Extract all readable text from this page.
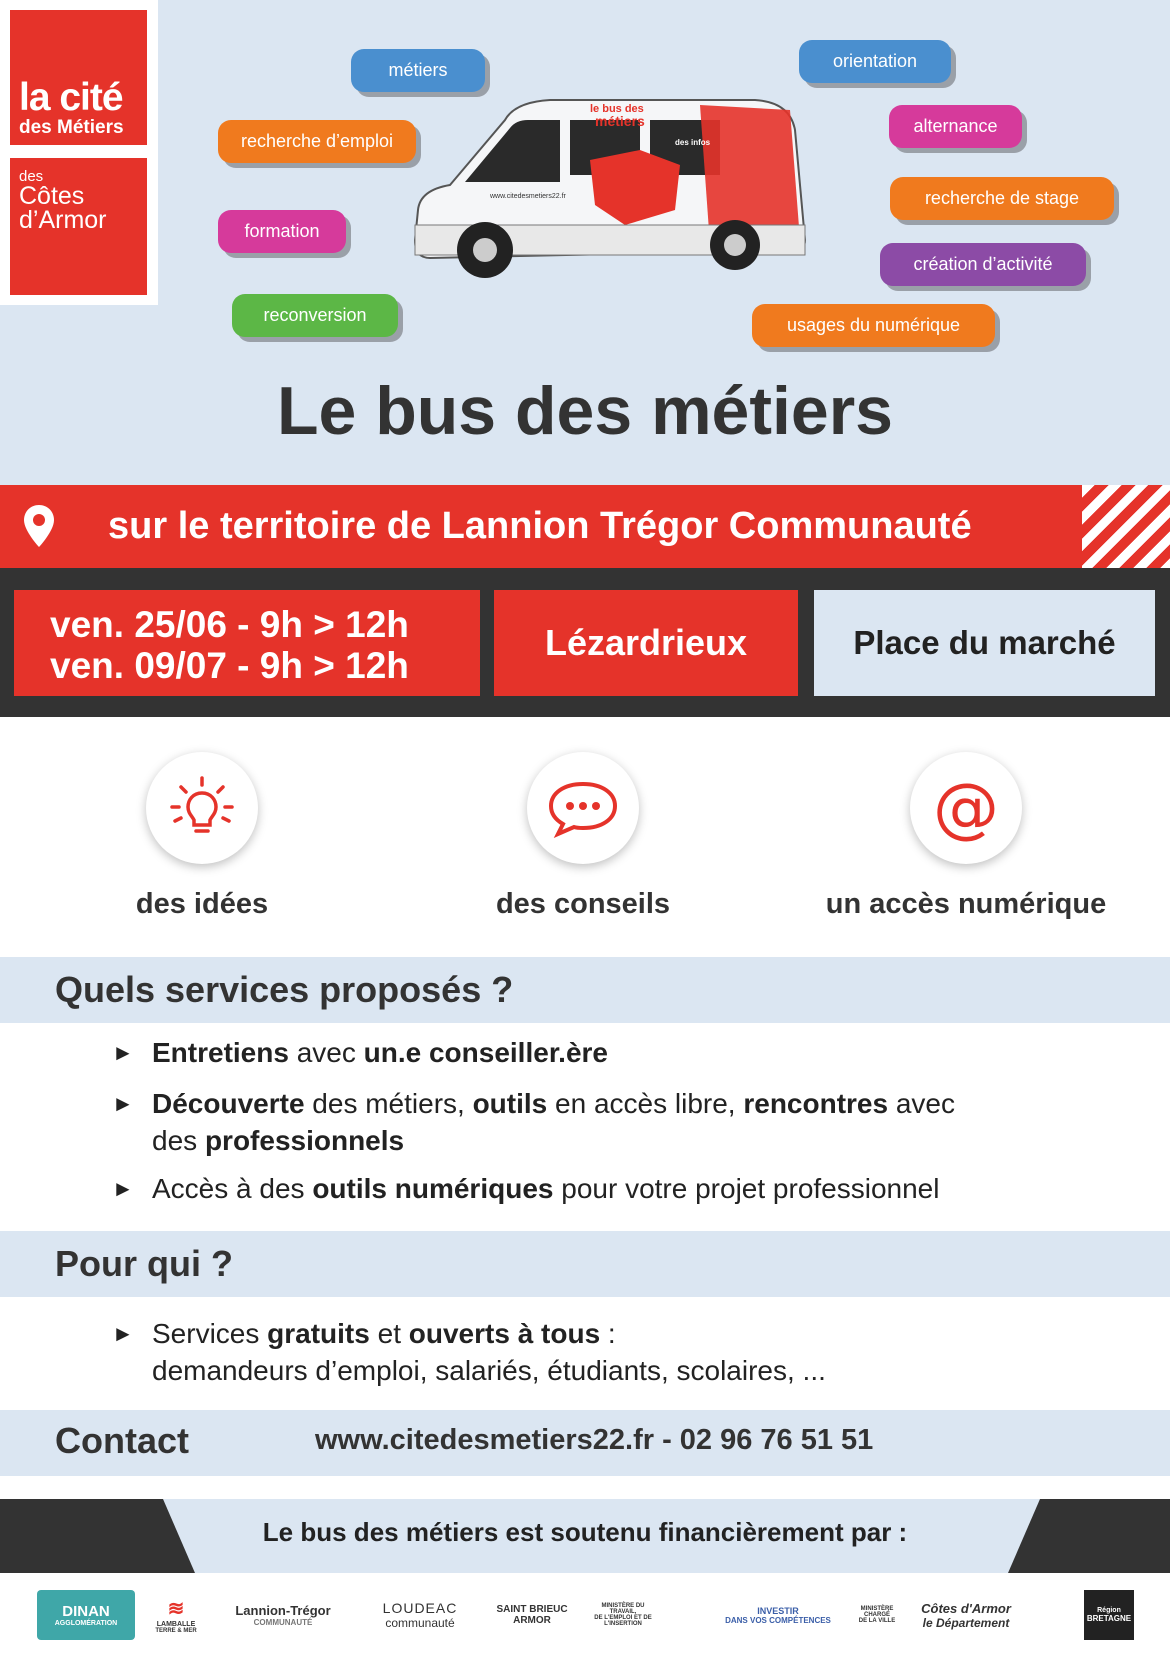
la cité
des Métiers
des
Côtes
d’Armor
métiers
recherche d’emploi
formation
reconversion
orientation
alternance
recherche de stage
création d’activité
usages du numérique
le bus des
métiers
des infos
www.citedesmetiers22.fr
Le bus des métiers
sur le territoire de Lannion Trégor Communauté
ven. 25/06 - 9h > 12h
ven. 09/07 - 9h > 12h
Lézardrieux	Place du marché
@
des idées	des conseils	un accès numérique
Quels services proposés ?
► Entretiens avec un.e conseiller.ère
► Découverte des métiers, outils en accès libre, rencontres avec
des professionnels
► Accès à des outils numériques pour votre projet professionnel
Pour qui ?
► Services gratuits et ouverts à tous :
demandeurs d’emploi, salariés, étudiants, scolaires, ...
Contact	www.citedesmetiers22.fr - 02 96 76 51 51
Le bus des métiers est soutenu financièrement par :
DINAN
AGGLOMÉRATION
≋
LAMBALLE
TERRE & MER
Lannion-Trégor
COMMUNAUTÉ
LOUDEAC
communauté
SAINT BRIEUC
ARMOR
MINISTÈRE DU TRAVAIL,
DE L'EMPLOI ET DE L'INSERTION
INVESTIR
DANS VOS COMPÉTENCES
MINISTÈRE CHARGÉ
DE LA VILLE
Côtes d'Armor
le Département
Région
BRETAGNE
